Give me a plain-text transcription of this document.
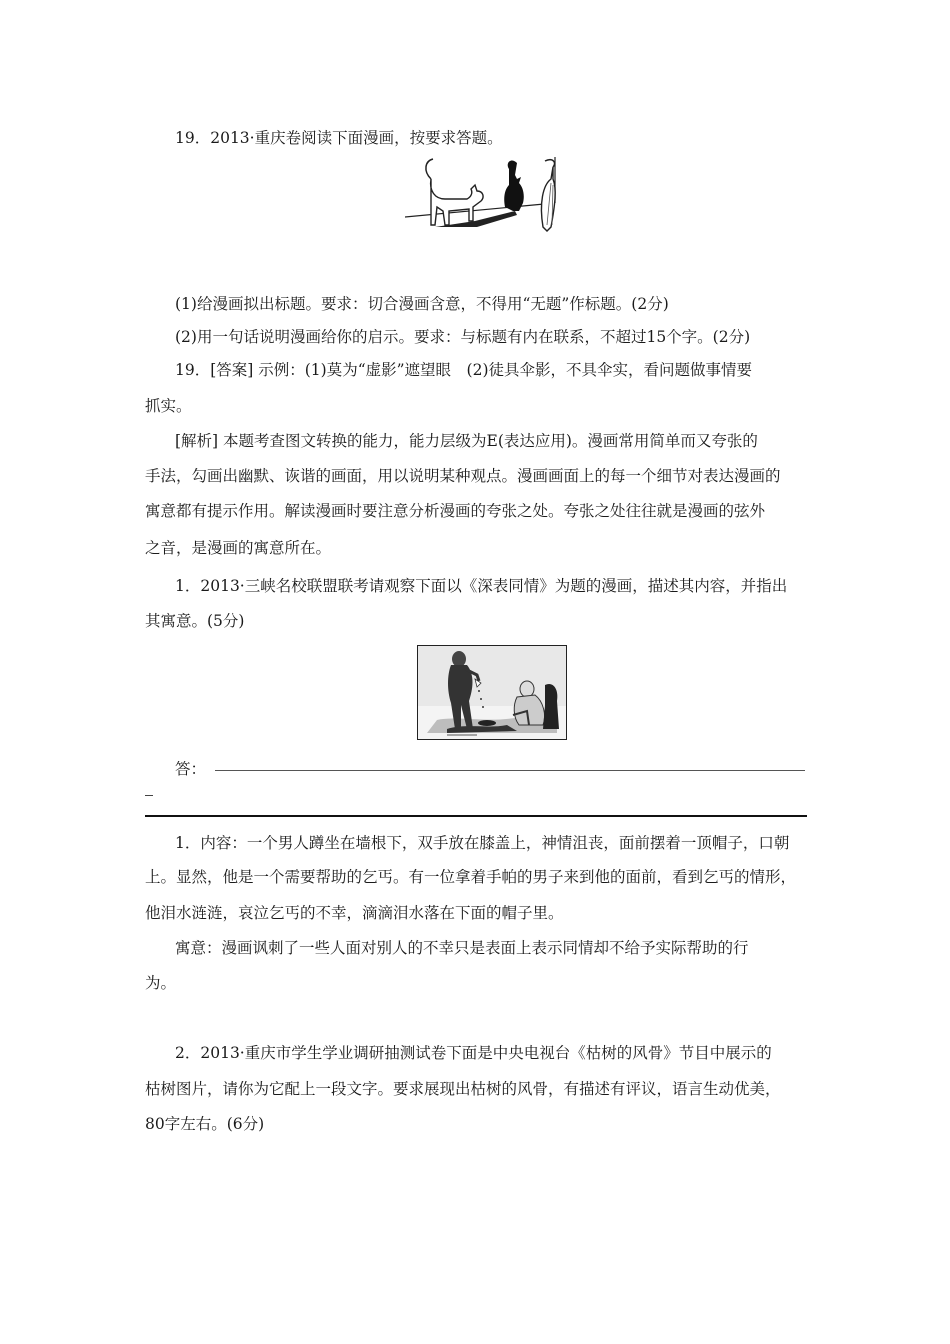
19．2013·重庆卷阅读下面漫画，按要求答题。
(1)给漫画拟出标题。要求：切合漫画含意，不得用“无题”作标题。(2分)
(2)用一句话说明漫画给你的启示。要求：与标题有内在联系，不超过15个字。(2分)
19．[答案] 示例：(1)莫为“虚影”遮望眼　(2)徒具伞影，不具伞实，看问题做事情要
抓实。
[解析] 本题考查图文转换的能力，能力层级为E(表达应用)。漫画常用简单而又夸张的
手法，勾画出幽默、诙谐的画面，用以说明某种观点。漫画画面上的每一个细节对表达漫画的
寓意都有提示作用。解读漫画时要注意分析漫画的夸张之处。夸张之处往往就是漫画的弦外
之音，是漫画的寓意所在。
1．2013·三峡名校联盟联考请观察下面以《深表同情》为题的漫画，描述其内容，并指出
其寓意。(5分)
答：
1．内容：一个男人蹲坐在墙根下，双手放在膝盖上，神情沮丧，面前摆着一顶帽子，口朝
上。显然，他是一个需要帮助的乞丐。有一位拿着手帕的男子来到他的面前，看到乞丐的情形，
他泪水涟涟，哀泣乞丐的不幸，滴滴泪水落在下面的帽子里。
寓意：漫画讽刺了一些人面对别人的不幸只是表面上表示同情却不给予实际帮助的行
为。
2．2013·重庆市学生学业调研抽测试卷下面是中央电视台《枯树的风骨》节目中展示的
枯树图片，请你为它配上一段文字。要求展现出枯树的风骨，有描述有评议，语言生动优美，
80字左右。(6分)
